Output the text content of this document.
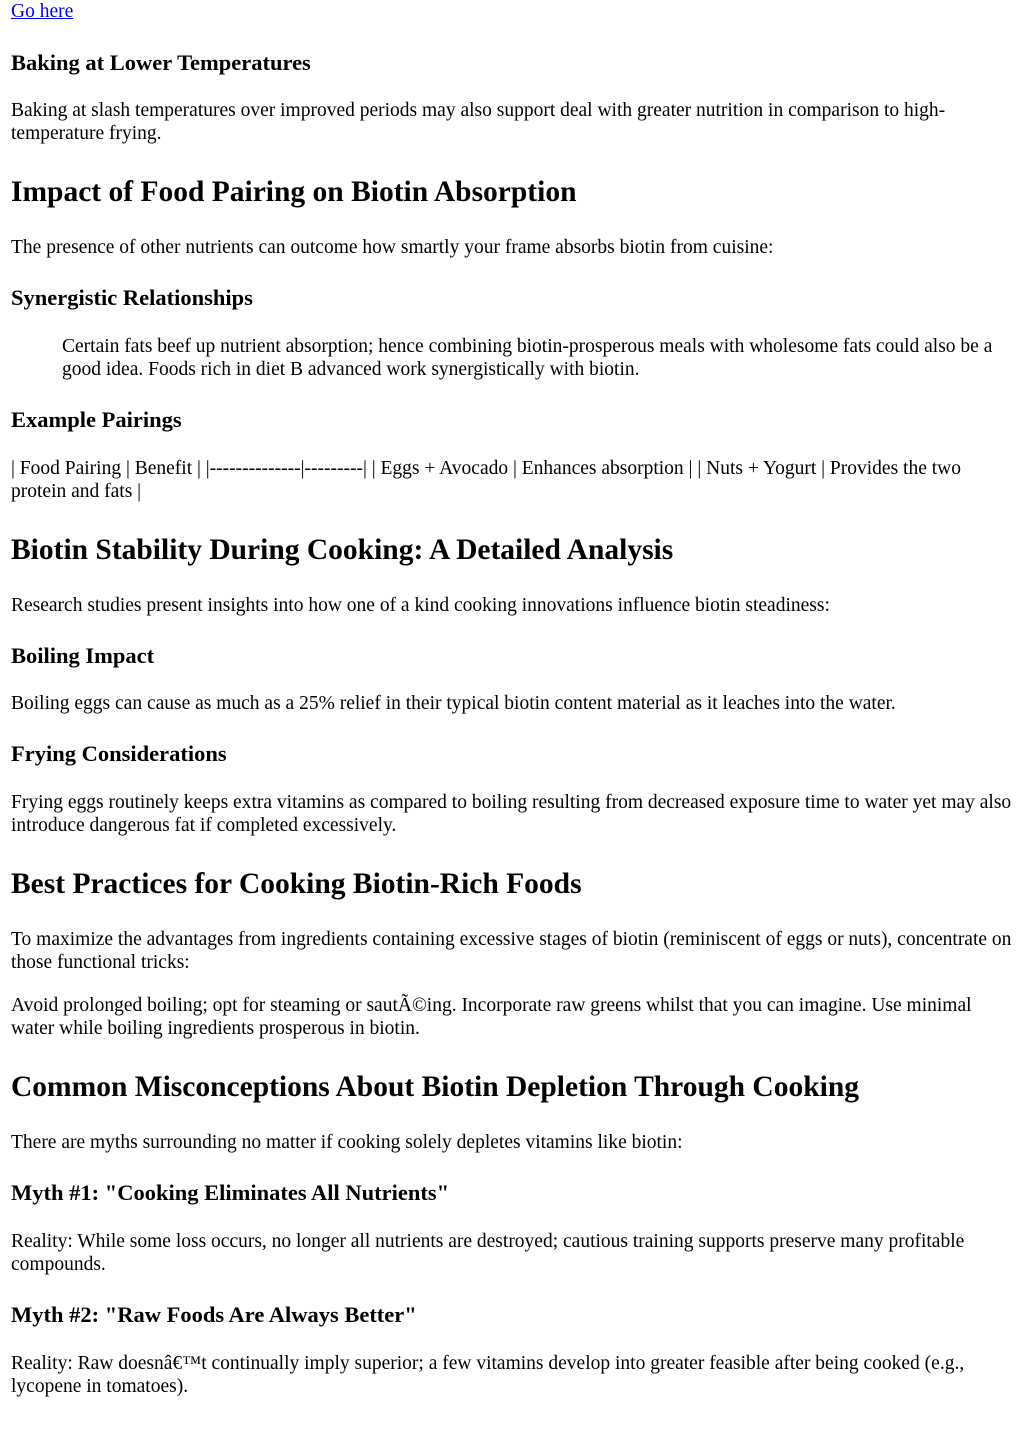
Go here
Baking at Lower Temperatures

Baking at slash temperatures over improved periods may also support deal with greater nutrition in comparison to high-temperature frying.

Impact of Food Pairing on Biotin Absorption

The presence of other nutrients can outcome how smartly your frame absorbs biotin from cuisine:

Synergistic Relationships

Certain fats beef up nutrient absorption; hence combining biotin-prosperous meals with wholesome fats could also be a good idea. Foods rich in diet B advanced work synergistically with biotin.

Example Pairings

| Food Pairing | Benefit | |--------------|---------| | Eggs + Avocado | Enhances absorption | | Nuts + Yogurt | Provides the two protein and fats |

Biotin Stability During Cooking: A Detailed Analysis

Research studies present insights into how one of a kind cooking innovations influence biotin steadiness:

Boiling Impact

Boiling eggs can cause as much as a 25% relief in their typical biotin content material as it leaches into the water.

Frying Considerations

Frying eggs routinely keeps extra vitamins as compared to boiling resulting from decreased exposure time to water yet may also introduce dangerous fat if completed excessively.

Best Practices for Cooking Biotin-Rich Foods

To maximize the advantages from ingredients containing excessive stages of biotin (reminiscent of eggs or nuts), concentrate on those functional tricks:

Avoid prolonged boiling; opt for steaming or sautÃ©ing. Incorporate raw greens whilst that you can imagine. Use minimal water while boiling ingredients prosperous in biotin.

Common Misconceptions About Biotin Depletion Through Cooking

There are myths surrounding no matter if cooking solely depletes vitamins like biotin:

Myth #1: "Cooking Eliminates All Nutrients"

Reality: While some loss occurs, no longer all nutrients are destroyed; cautious training supports preserve many profitable compounds.

Myth #2: "Raw Foods Are Always Better"

Reality: Raw doesnâ€™t continually imply superior; a few vitamins develop into greater feasible after being cooked (e.g., lycopene in tomatoes).
